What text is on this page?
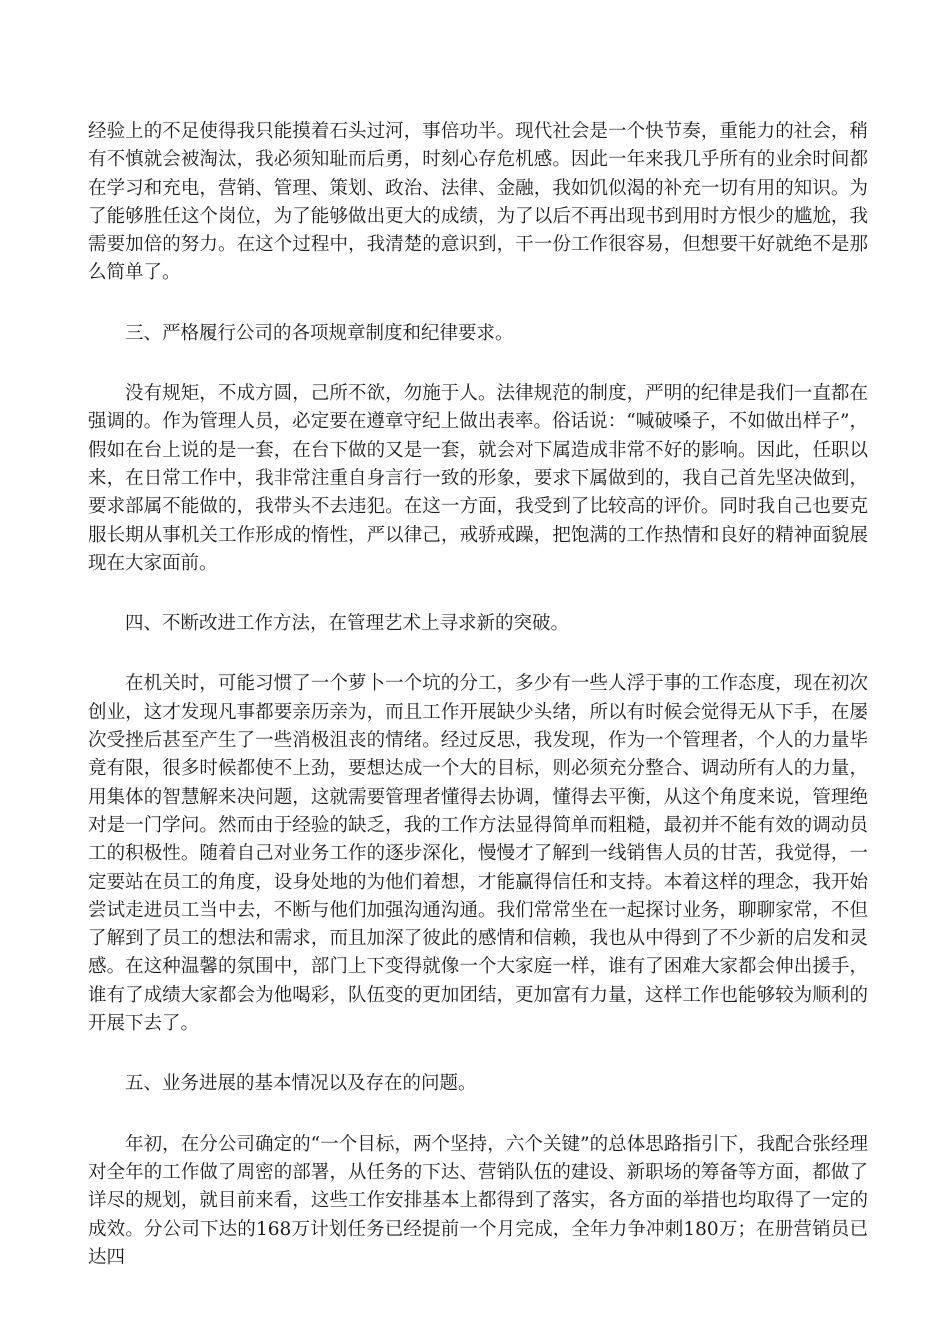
经验上的不足使得我只能摸着石头过河，事倍功半。现代社会是一个快节奏，重能力的社会，稍有不慎就会被淘汰，我必须知耻而后勇，时刻心存危机感。因此一年来我几乎所有的业余时间都在学习和充电，营销、管理、策划、政治、法律、金融，我如饥似渴的补充一切有用的知识。为了能够胜任这个岗位，为了能够做出更大的成绩，为了以后不再出现书到用时方恨少的尴尬，我需要加倍的努力。在这个过程中，我清楚的意识到，干一份工作很容易，但想要干好就绝不是那么简单了。

三、严格履行公司的各项规章制度和纪律要求。

没有规矩，不成方圆，己所不欲，勿施于人。法律规范的制度，严明的纪律是我们一直都在强调的。作为管理人员，必定要在遵章守纪上做出表率。俗话说：“喊破嗓子，不如做出样子”，假如在台上说的是一套，在台下做的又是一套，就会对下属造成非常不好的影响。因此，任职以来，在日常工作中，我非常注重自身言行一致的形象，要求下属做到的，我自己首先坚决做到，要求部属不能做的，我带头不去违犯。在这一方面，我受到了比较高的评价。同时我自己也要克服长期从事机关工作形成的惰性，严以律己，戒骄戒躁，把饱满的工作热情和良好的精神面貌展现在大家面前。

四、不断改进工作方法，在管理艺术上寻求新的突破。

在机关时，可能习惯了一个萝卜一个坑的分工，多少有一些人浮于事的工作态度，现在初次创业，这才发现凡事都要亲历亲为，而且工作开展缺少头绪，所以有时候会觉得无从下手，在屡次受挫后甚至产生了一些消极沮丧的情绪。经过反思，我发现，作为一个管理者，个人的力量毕竟有限，很多时候都使不上劲，要想达成一个大的目标，则必须充分整合、调动所有人的力量，用集体的智慧解来决问题，这就需要管理者懂得去协调，懂得去平衡，从这个角度来说，管理绝对是一门学问。然而由于经验的缺乏，我的工作方法显得简单而粗糙，最初并不能有效的调动员工的积极性。随着自己对业务工作的逐步深化，慢慢才了解到一线销售人员的甘苦，我觉得，一定要站在员工的角度，设身处地的为他们着想，才能赢得信任和支持。本着这样的理念，我开始尝试走进员工当中去，不断与他们加强沟通沟通。我们常常坐在一起探讨业务，聊聊家常，不但了解到了员工的想法和需求，而且加深了彼此的感情和信赖，我也从中得到了不少新的启发和灵感。在这种温馨的氛围中，部门上下变得就像一个大家庭一样，谁有了困难大家都会伸出援手，谁有了成绩大家都会为他喝彩，队伍变的更加团结，更加富有力量，这样工作也能够较为顺利的开展下去了。

五、业务进展的基本情况以及存在的问题。

年初，在分公司确定的“一个目标，两个坚持，六个关键”的总体思路指引下，我配合张经理对全年的工作做了周密的部署，从任务的下达、营销队伍的建设、新职场的筹备等方面，都做了详尽的规划，就目前来看，这些工作安排基本上都得到了落实，各方面的举措也均取得了一定的成效。分公司下达的168万计划任务已经提前一个月完成，全年力争冲刺180万；在册营销员已达四
